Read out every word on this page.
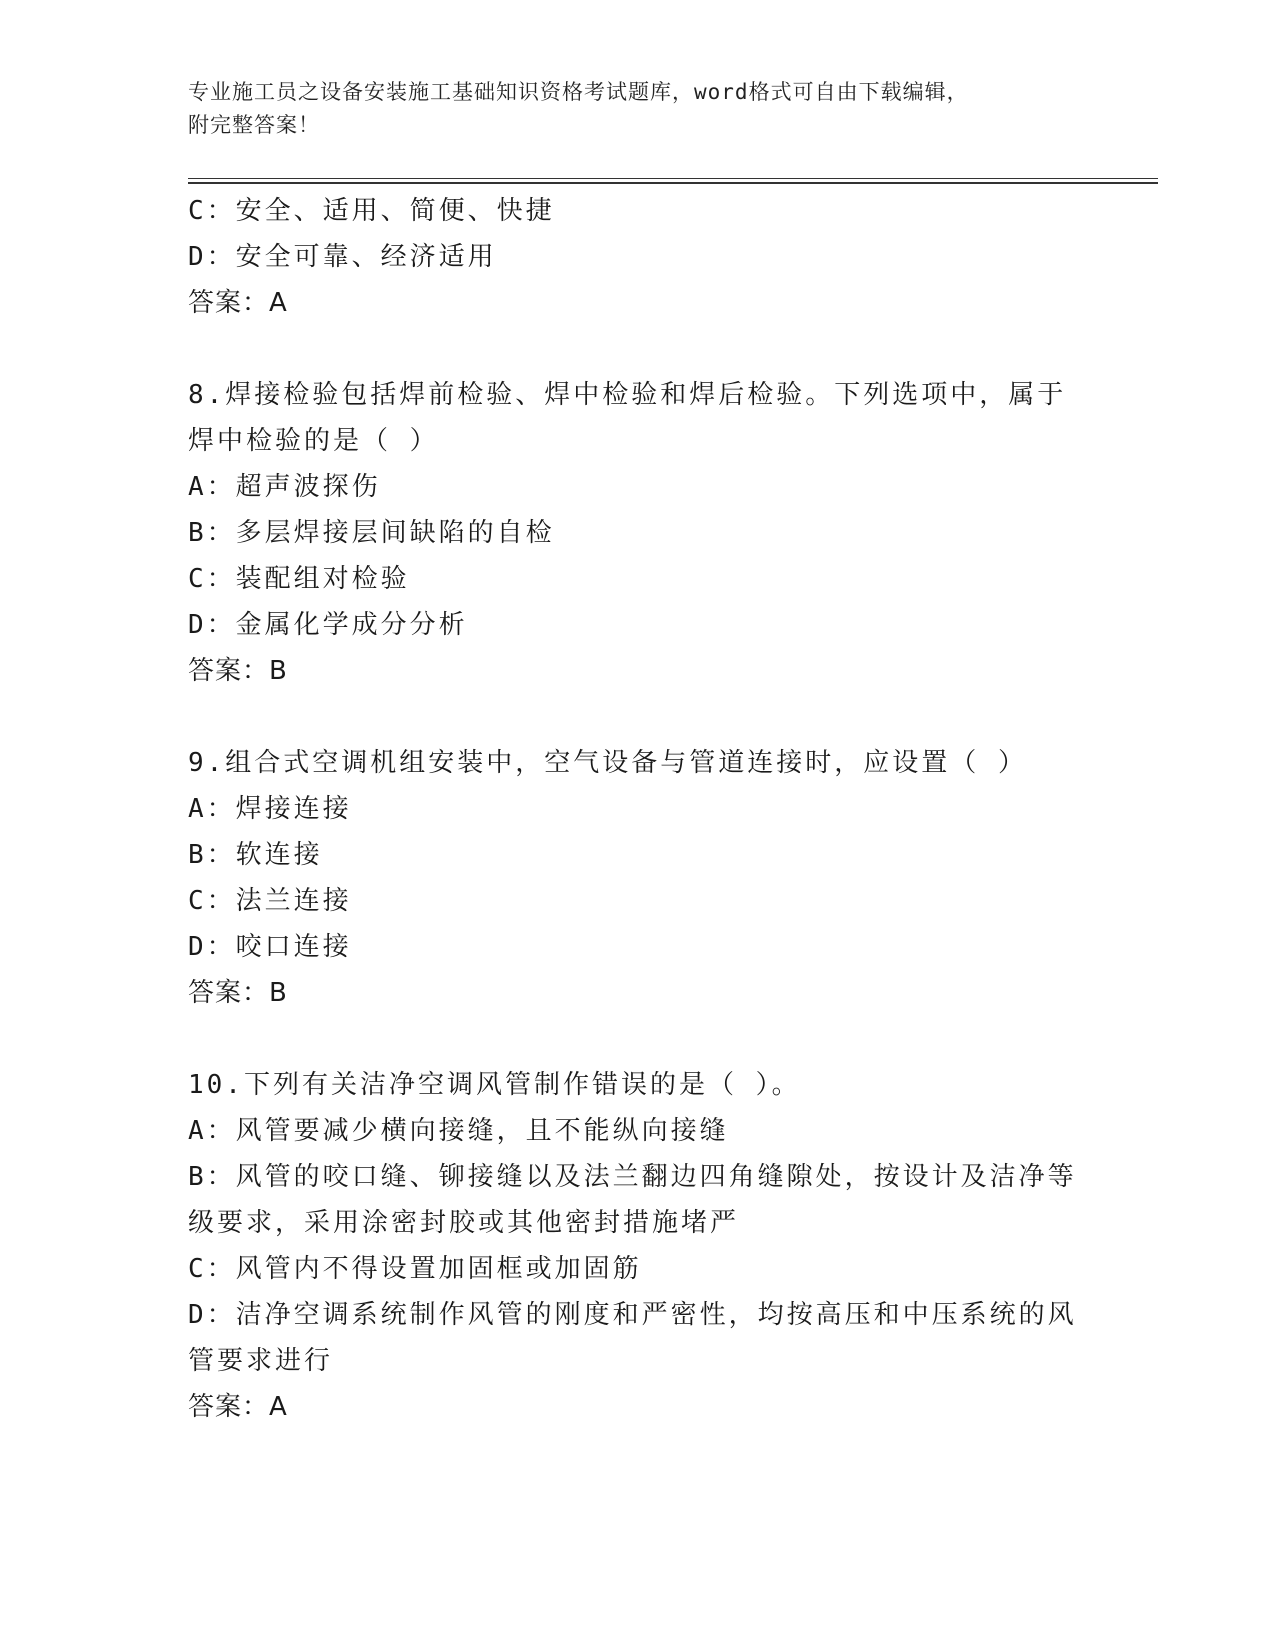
专业施工员之设备安装施工基础知识资格考试题库，word格式可自由下载编辑，
附完整答案！
C：安全、适用、简便、快捷
D：安全可靠、经济适用
答案：A
8.焊接检验包括焊前检验、焊中检验和焊后检验。下列选项中，属于
焊中检验的是（ ）
A：超声波探伤
B：多层焊接层间缺陷的自检
C：装配组对检验
D：金属化学成分分析
答案：B
9.组合式空调机组安装中，空气设备与管道连接时，应设置（ ）
A：焊接连接
B：软连接
C：法兰连接
D：咬口连接
答案：B
10.下列有关洁净空调风管制作错误的是（ ）。
A：风管要减少横向接缝，且不能纵向接缝
B：风管的咬口缝、铆接缝以及法兰翻边四角缝隙处，按设计及洁净等
级要求，采用涂密封胶或其他密封措施堵严
C：风管内不得设置加固框或加固筋
D：洁净空调系统制作风管的刚度和严密性，均按高压和中压系统的风
管要求进行
答案：A
